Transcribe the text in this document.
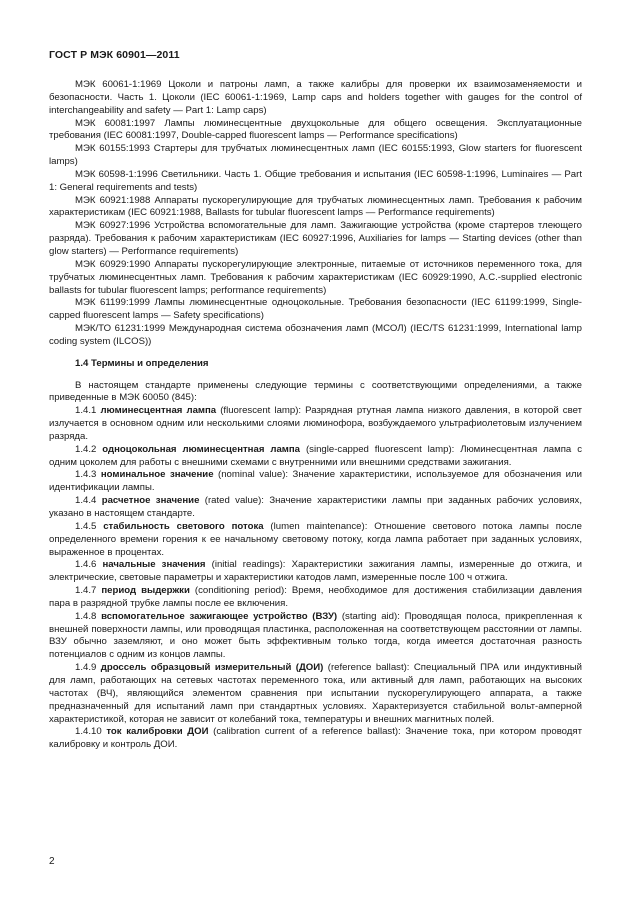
ГОСТ Р МЭК 60901—2011

МЭК 60061-1:1969 Цоколи и патроны ламп, а также калибры для проверки их взаимозаменяемости и безопасности. Часть 1. Цоколи (IEC 60061-1:1969, Lamp caps and holders together with gauges for the control of interchangeability and safety — Part 1: Lamp caps)

МЭК 60081:1997 Лампы люминесцентные двухцокольные для общего освещения. Эксплуатационные требования (IEC 60081:1997, Double-capped fluorescent lamps — Performance specifications)

МЭК 60155:1993 Стартеры для трубчатых люминесцентных ламп (IEC 60155:1993, Glow starters for fluorescent lamps)

МЭК 60598-1:1996 Светильники. Часть 1. Общие требования и испытания (IEC 60598-1:1996, Luminaires — Part 1: General requirements and tests)

МЭК 60921:1988 Аппараты пускорегулирующие для трубчатых люминесцентных ламп. Требования к рабочим характеристикам (IEC 60921:1988, Ballasts for tubular fluorescent lamps — Performance requirements)

МЭК 60927:1996 Устройства вспомогательные для ламп. Зажигающие устройства (кроме стартеров тлеющего разряда). Требования к рабочим характеристикам (IEC 60927:1996, Auxiliaries for lamps — Starting devices (other than glow starters) — Performance requirements)

МЭК 60929:1990 Аппараты пускорегулирующие электронные, питаемые от источников переменного тока, для трубчатых люминесцентных ламп. Требования к рабочим характеристикам (IEC 60929:1990, A.C.-supplied electronic ballasts for tubular fluorescent lamps; performance requirements)

МЭК 61199:1999 Лампы люминесцентные одноцокольные. Требования безопасности (IEC 61199:1999, Single-capped fluorescent lamps — Safety specifications)

МЭК/ТО 61231:1999 Международная система обозначения ламп (МСОЛ) (IEC/TS 61231:1999, International lamp coding system (ILCOS))

1.4 Термины и определения

В настоящем стандарте применены следующие термины с соответствующими определениями, а также приведенные в МЭК 60050 (845):

1.4.1 люминесцентная лампа (fluorescent lamp): Разрядная ртутная лампа низкого давления, в которой свет излучается в основном одним или несколькими слоями люминофора, возбуждаемого ультрафиолетовым излучением разряда.

1.4.2 одноцокольная люминесцентная лампа (single-capped fluorescent lamp): Люминесцентная лампа с одним цоколем для работы с внешними схемами с внутренними или внешними средствами зажигания.

1.4.3 номинальное значение (nominal value): Значение характеристики, используемое для обозначения или идентификации лампы.

1.4.4 расчетное значение (rated value): Значение характеристики лампы при заданных рабочих условиях, указано в настоящем стандарте.

1.4.5 стабильность светового потока (lumen maintenance): Отношение светового потока лампы после определенного времени горения к ее начальному световому потоку, когда лампа работает при заданных условиях, выраженное в процентах.

1.4.6 начальные значения (initial readings): Характеристики зажигания лампы, измеренные до отжига, и электрические, световые параметры и характеристики катодов ламп, измеренные после 100 ч отжига.

1.4.7 период выдержки (conditioning period): Время, необходимое для достижения стабилизации давления пара в разрядной трубке лампы после ее включения.

1.4.8 вспомогательное зажигающее устройство (ВЗУ) (starting aid): Проводящая полоса, прикрепленная к внешней поверхности лампы, или проводящая пластинка, расположенная на соответствующем расстоянии от лампы. ВЗУ обычно заземляют, и оно может быть эффективным только тогда, когда имеется достаточная разность потенциалов с одним из концов лампы.

1.4.9 дроссель образцовый измерительный (ДОИ) (reference ballast): Специальный ПРА или индуктивный для ламп, работающих на сетевых частотах переменного тока, или активный для ламп, работающих на высоких частотах (ВЧ), являющийся элементом сравнения при испытании пускорегулирующего аппарата, а также предназначенный для испытаний ламп при стандартных условиях. Характеризуется стабильной вольт-амперной характеристикой, которая не зависит от колебаний тока, температуры и внешних магнитных полей.

1.4.10 ток калибровки ДОИ (calibration current of a reference ballast): Значение тока, при котором проводят калибровку и контроль ДОИ.

2
